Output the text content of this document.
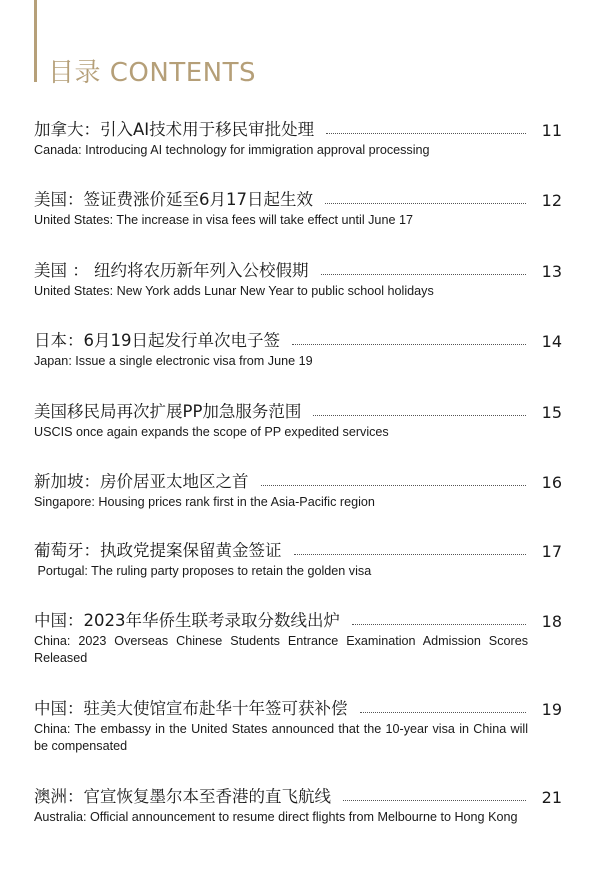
目录 CONTENTS
加拿大：引入AI技术用于移民审批处理	11
Canada: Introducing AI technology for immigration approval processing
美国：签证费涨价延至6月17日起生效	12
United States: The increase in visa fees will take effect until June 17
美国 ： 纽约将农历新年列入公校假期	13
United States: New York adds Lunar New Year to public school holidays
日本：6月19日起发行单次电子签	14
Japan: Issue a single electronic visa from June 19
美国移民局再次扩展PP加急服务范围	15
USCIS once again expands the scope of PP expedited services
新加坡：房价居亚太地区之首	16
Singapore: Housing prices rank first in the Asia-Pacific region
葡萄牙：执政党提案保留黄金签证	17
Portugal: The ruling party proposes to retain the golden visa
中国：2023年华侨生联考录取分数线出炉	18
China: 2023 Overseas Chinese Students Entrance Examination Admission Scores Released
中国：驻美大使馆宣布赴华十年签可获补偿	19
China: The embassy in the United States announced that the 10-year visa in China will be compensated
澳洲：官宣恢复墨尔本至香港的直飞航线	21
Australia: Official announcement to resume direct flights from Melbourne to Hong Kong
